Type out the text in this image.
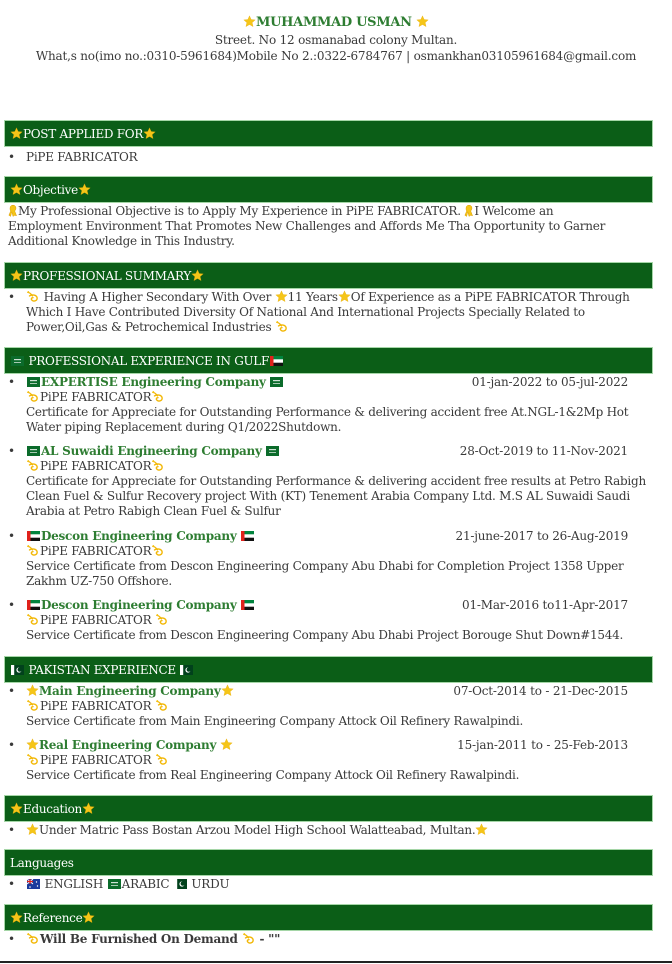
MUHAMMAD USMAN
Street. No 12 osmanabad colony Multan.
What,s no(imo no.:0310-5961684)Mobile No 2.:0322-6784767 | osmankhan03105961684@gmail.com
POST APPLIED FOR
• PiPE FABRICATOR
Objective
My Professional Objective is to Apply My Experience in PiPE FABRICATOR. I Welcome an
Employment Environment That Promotes New Challenges and Affords Me Tha Opportunity to Garner
Additional Knowledge in This Industry.
PROFESSIONAL SUMMARY
• Having A Higher Secondary With Over 11 Years Of Experience as a PiPE FABRICATOR Through
Which I Have Contributed Diversity Of National And International Projects Specially Related to
Power,Oil,Gas & Petrochemical Industries
PROFESSIONAL EXPERIENCE IN GULF
• EXPERTISE Engineering Company	01-jan-2022 to 05-jul-2022

PiPE FABRICATOR

Certificate for Appreciate for Outstanding Performance & delivering accident free At.NGL-1&2Mp Hot
Water piping Replacement during Q1/2022Shutdown.
• AL Suwaidi Engineering Company	28-Oct-2019 to 11-Nov-2021

PiPE FABRICATOR

Certificate for Appreciate for Outstanding Performance & delivering accident free results at Petro Rabigh
Clean Fuel & Sulfur Recovery project With (KT) Tenement Arabia Company Ltd. M.S AL Suwaidi Saudi
Arabia at Petro Rabigh Clean Fuel & Sulfur
• Descon Engineering Company	21-june-2017 to 26-Aug-2019

PiPE FABRICATOR

Service Certificate from Descon Engineering Company Abu Dhabi for Completion Project 1358 Upper
Zakhm UZ-750 Offshore.
• Descon Engineering Company	01-Mar-2016 to11-Apr-2017

PiPE FABRICATOR

Service Certificate from Descon Engineering Company Abu Dhabi Project Borouge Shut Down#1544.
PAKISTAN EXPERIENCE
• Main Engineering Company	07-Oct-2014 to - 21-Dec-2015

PiPE FABRICATOR

Service Certificate from Main Engineering Company Attock Oil Refinery Rawalpindi.
• Real Engineering Company	15-jan-2011 to - 25-Feb-2013

PiPE FABRICATOR

Service Certificate from Real Engineering Company Attock Oil Refinery Rawalpindi.
Education
• Under Matric Pass Bostan Arzou Model High School Walatteabad, Multan.
Languages
• ENGLISH ARABIC URDU
Reference
• Will Be Furnished On Demand - ""
